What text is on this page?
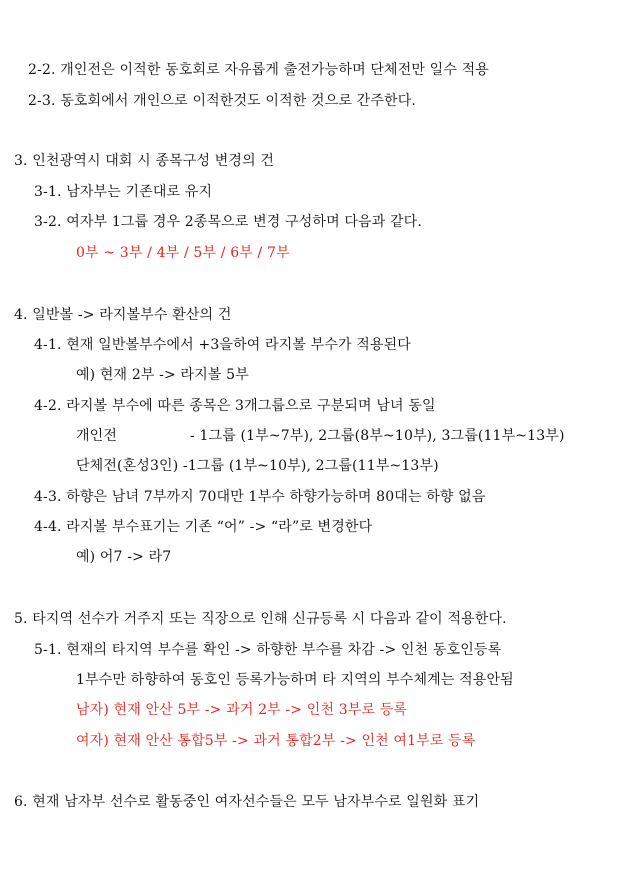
2-2. 개인전은 이적한 동호회로 자유롭게 출전가능하며 단체전만 일수 적용
2-3. 동호회에서 개인으로 이적한것도 이적한 것으로 간주한다.
3. 인천광역시 대회 시 종목구성 변경의 건
3-1. 남자부는 기존대로 유지
3-2. 여자부 1그룹 경우 2종목으로 변경 구성하며 다음과 같다.
0부 ~ 3부 / 4부 / 5부 / 6부 / 7부
4. 일반볼 -> 라지볼부수 환산의 건
4-1. 현재 일반볼부수에서 +3을하여 라지볼 부수가 적용된다
예) 현재 2부 -> 라지볼 5부
4-2. 라지볼 부수에 따른 종목은 3개그룹으로 구분되며 남녀 동일
개인전	- 1그룹 (1부~7부), 2그룹(8부~10부), 3그룹(11부~13부)
단체전(혼성3인) -1그룹 (1부~10부), 2그룹(11부~13부)
4-3. 하향은 남녀 7부까지 70대만 1부수 하향가능하며 80대는 하향 없음
4-4. 라지볼 부수표기는 기존 “어” -> “라”로 변경한다
예) 어7 -> 라7
5. 타지역 선수가 거주지 또는 직장으로 인해 신규등록 시 다음과 같이 적용한다.
5-1. 현재의 타지역 부수를 확인 -> 하향한 부수를 차감 -> 인천 동호인등록
1부수만 하향하여 동호인 등록가능하며 타 지역의 부수체계는 적용안됨
남자) 현재 안산 5부 -> 과거 2부 -> 인천 3부로 등록
여자) 현재 안산 통합5부 -> 과거 통합2부 -> 인천 여1부로 등록
6. 현재 남자부 선수로 활동중인 여자선수들은 모두 남자부수로 일원화 표기
